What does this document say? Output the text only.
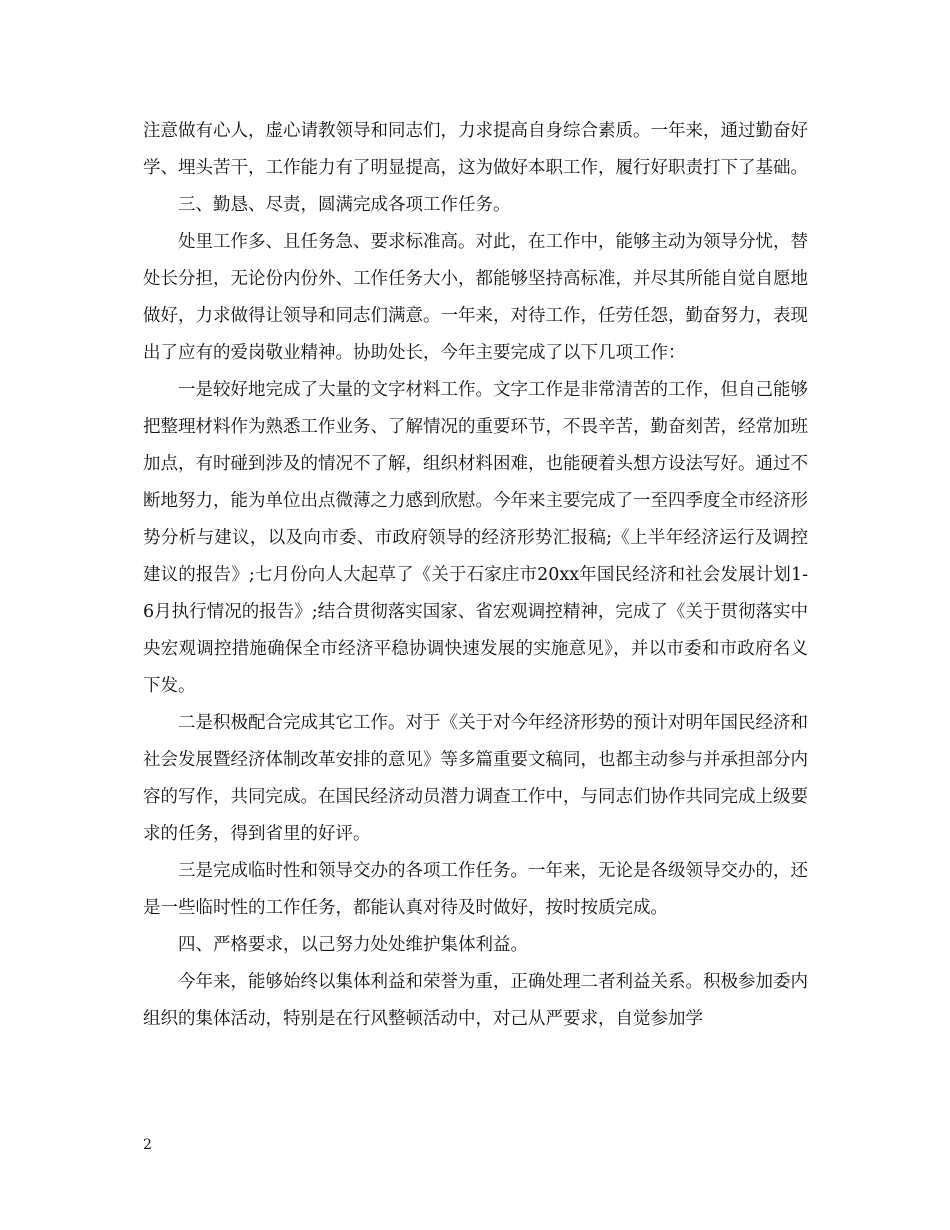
注意做有心人，虚心请教领导和同志们，力求提高自身综合素质。一年来，通过勤奋好学、埋头苦干，工作能力有了明显提高，这为做好本职工作，履行好职责打下了基础。

三、勤恳、尽责，圆满完成各项工作任务。

处里工作多、且任务急、要求标准高。对此，在工作中，能够主动为领导分忧，替处长分担，无论份内份外、工作任务大小，都能够坚持高标准，并尽其所能自觉自愿地做好，力求做得让领导和同志们满意。一年来，对待工作，任劳任怨，勤奋努力，表现出了应有的爱岗敬业精神。协助处长，今年主要完成了以下几项工作：

一是较好地完成了大量的文字材料工作。文字工作是非常清苦的工作，但自己能够把整理材料作为熟悉工作业务、了解情况的重要环节，不畏辛苦，勤奋刻苦，经常加班加点，有时碰到涉及的情况不了解，组织材料困难，也能硬着头想方设法写好。通过不断地努力，能为单位出点微薄之力感到欣慰。今年来主要完成了一至四季度全市经济形势分析与建议，以及向市委、市政府领导的经济形势汇报稿;《上半年经济运行及调控建议的报告》;七月份向人大起草了《关于石家庄市20xx年国民经济和社会发展计划1-6月执行情况的报告》;结合贯彻落实国家、省宏观调控精神，完成了《关于贯彻落实中央宏观调控措施确保全市经济平稳协调快速发展的实施意见》，并以市委和市政府名义下发。

二是积极配合完成其它工作。对于《关于对今年经济形势的预计对明年国民经济和社会发展暨经济体制改革安排的意见》等多篇重要文稿同，也都主动参与并承担部分内容的写作，共同完成。在国民经济动员潜力调查工作中，与同志们协作共同完成上级要求的任务，得到省里的好评。

三是完成临时性和领导交办的各项工作任务。一年来，无论是各级领导交办的，还是一些临时性的工作任务，都能认真对待及时做好，按时按质完成。

四、严格要求，以己努力处处维护集体利益。

今年来，能够始终以集体利益和荣誉为重，正确处理二者利益关系。积极参加委内组织的集体活动，特别是在行风整顿活动中，对己从严要求，自觉参加学

2
